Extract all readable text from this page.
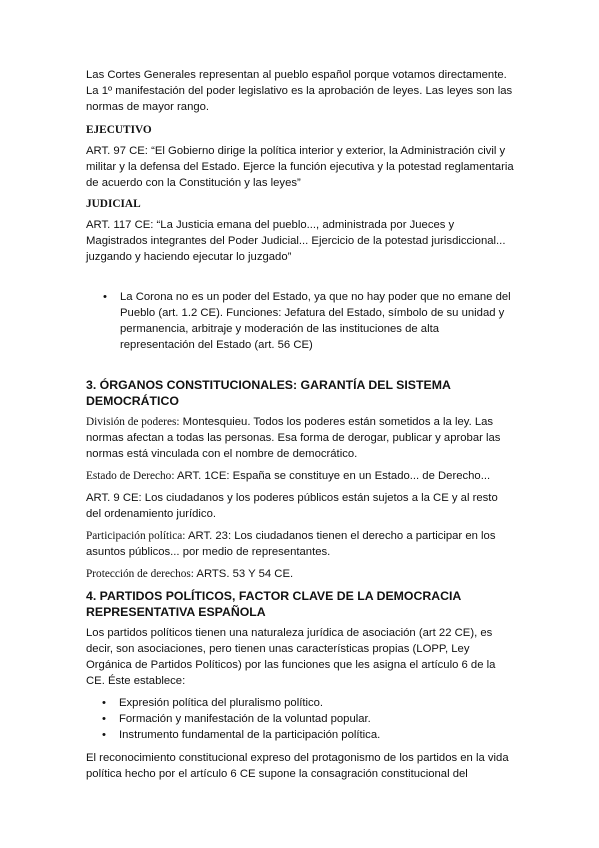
Las Cortes Generales representan al pueblo español porque votamos directamente. La 1º manifestación del poder legislativo es la aprobación de leyes. Las leyes son las normas de mayor rango.

EJECUTIVO

ART. 97 CE: “El Gobierno dirige la política interior y exterior, la Administración civil y militar y la defensa del Estado. Ejerce la función ejecutiva y la potestad reglamentaria de acuerdo con la Constitución y las leyes”

JUDICIAL

ART. 117 CE: “La Justicia emana del pueblo..., administrada por Jueces y Magistrados integrantes del Poder Judicial... Ejercicio de la potestad jurisdiccional... juzgando y haciendo ejecutar lo juzgado”

•	La Corona no es un poder del Estado, ya que no hay poder que no emane del Pueblo (art. 1.2 CE). Funciones: Jefatura del Estado, símbolo de su unidad y permanencia, arbitraje y moderación de las instituciones de alta representación del Estado (art. 56 CE)

3. ÓRGANOS CONSTITUCIONALES: GARANTÍA DEL SISTEMA DEMOCRÁTICO

División de poderes: Montesquieu. Todos los poderes están sometidos a la ley. Las normas afectan a todas las personas. Esa forma de derogar, publicar y aprobar las normas está vinculada con el nombre de democrático.

Estado de Derecho: ART. 1CE: España se constituye en un Estado... de Derecho...

ART. 9 CE: Los ciudadanos y los poderes públicos están sujetos a la CE y al resto del ordenamiento jurídico.

Participación política: ART. 23: Los ciudadanos tienen el derecho a participar en los asuntos públicos... por medio de representantes.

Protección de derechos: ARTS. 53 Y 54 CE.

4. PARTIDOS POLÍTICOS, FACTOR CLAVE DE LA DEMOCRACIA REPRESENTATIVA ESPAÑOLA

Los partidos políticos tienen una naturaleza jurídica de asociación (art 22 CE), es decir, son asociaciones, pero tienen unas características propias (LOPP, Ley Orgánica de Partidos Políticos) por las funciones que les asigna el artículo 6 de la CE. Éste establece:

• Expresión política del pluralismo político.
• Formación y manifestación de la voluntad popular.
• Instrumento fundamental de la participación política.

El reconocimiento constitucional expreso del protagonismo de los partidos en la vida política hecho por el artículo 6 CE supone la consagración constitucional del
